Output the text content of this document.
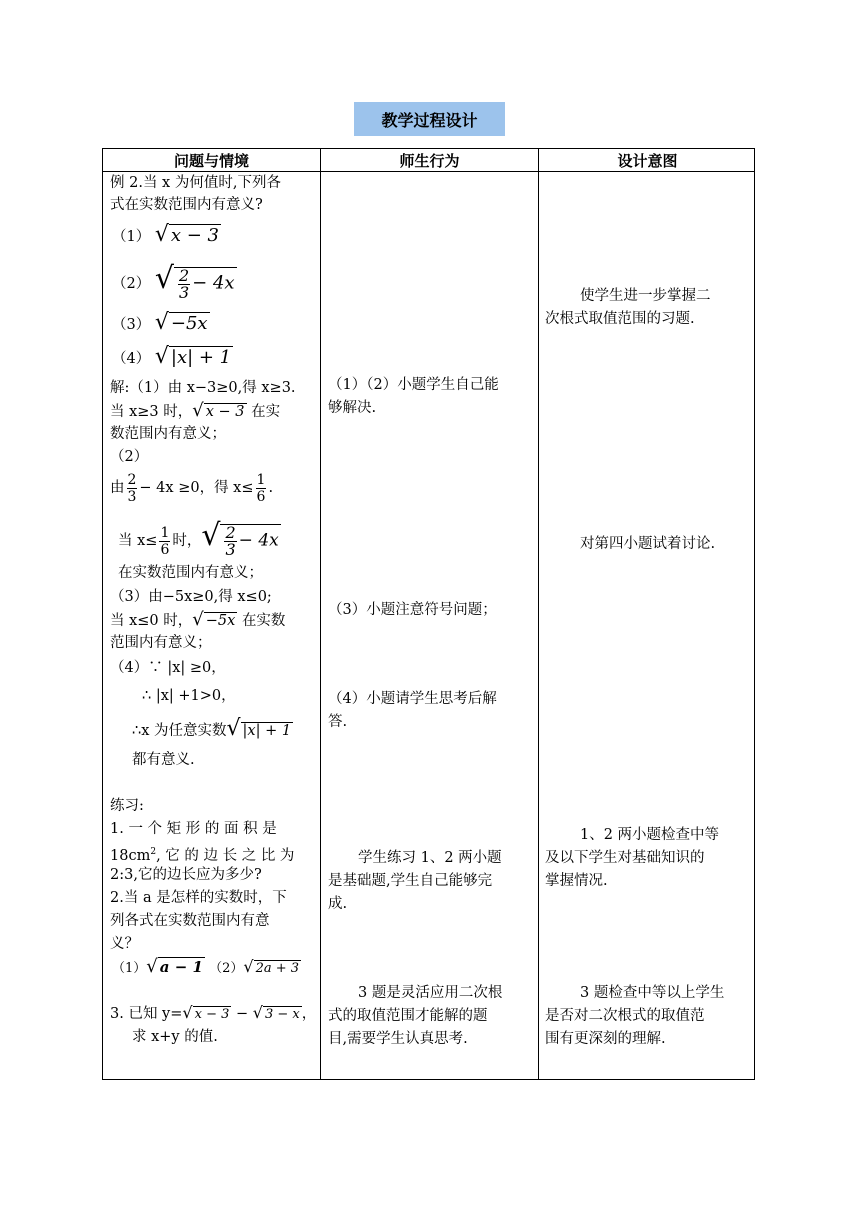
教学过程设计
问题与情境	师生行为	设计意图
例 2.当 x 为何值时,下列各
式在实数范围内有意义?
（1） √ x − 3
（2） √ $\frac{2}{3} - 4x$
（3） √ −5x
（4） √ |x| + 1
解:（1）由 x−3≥0,得 x≥3.
当 x≥3 时，√ x − 3 在实
数范围内有意义；
（2）
由 $\frac{2}{3} - 4x \ge 0$，得 $x\le \frac{1}{6}$ .
当 $x\le \frac{1}{6}$ 时，√ $\frac{2}{3} - 4x$
在实数范围内有意义；
（3）由−5x≥0,得 x≤0;
当 x≤0 时，√ −5x 在实数
范围内有意义；
（4）∵ |x| ≥0，
∴ |x| +1>0，
∴x 为任意实数√ |x| + 1
都有意义.
练习:
1. 一 个 矩 形 的 面 积 是
$18cm^2$, 它 的 边 长 之 比 为
2:3,它的边长应为多少?
2.当 a 是怎样的实数时，下
列各式在实数范围内有意
义？
（1）√ a − 1 （2）√ 2a + 3
3. 已知 y=√ x − 3 − √ 3 − x ，
求 x+y 的值.
（1）（2）小题学生自己能
够解决.
（3）小题注意符号问题；
（4）小题请学生思考后解
答.
学生练习 1、2 两小题
是基础题,学生自己能够完
成.
3 题是灵活应用二次根
式的取值范围才能解的题
目,需要学生认真思考.
使学生进一步掌握二
次根式取值范围的习题.
对第四小题试着讨论.
1、2 两小题检查中等
及以下学生对基础知识的
掌握情况.
3 题检查中等以上学生
是否对二次根式的取值范
围有更深刻的理解.
